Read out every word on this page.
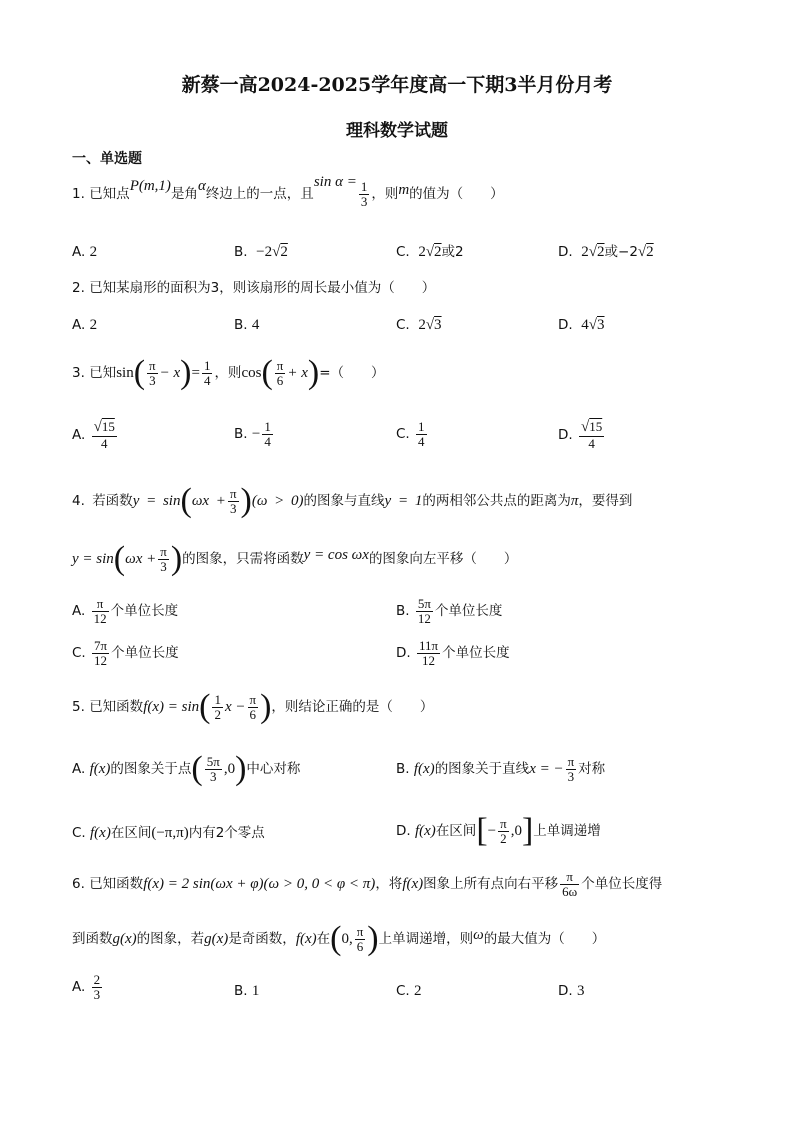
新蔡一高2024-2025学年度高一下期3半月份月考
理科数学试题
一、单选题
1. 已知点P(m,1)是角α终边上的一点，且$\sin \alpha = \frac{1}{3}$ ，则m的值为（　　）
A. 2	B. −2√2	C. 2√2或2	D. 2√2或−2√2
2. 已知某扇形的面积为3，则该扇形的周长最小值为（　　）
A. 2	B. 4	C. 2√3	D. 4√3
3. 已知$\sin( \frac{\pi}{3} - x)= \frac{1}{4}$ ，则$\cos( \frac{\pi}{6} + x)=$（　　）
A. $\frac{√15}{4}$	B. − $\frac{1}{4}$	C. $\frac{1}{4}$	D. $\frac{√15}{4}$
4. 若函数$y = \sin(\omega x + \frac{\pi}{3} )(\omega > 0)$的图象与直线y = 1的两相邻公共点的距离为π，要得到
$y = \sin(\omega x + \frac{\pi}{3}$ )的图象，只需将函数y = cos ωx的图象向左平移（　　）
A. $\frac{\pi}{12}$ 个单位长度	B. $\frac{5\pi}{12}$ 个单位长度
C. $\frac{7\pi}{12}$ 个单位长度	D. $\frac{11\pi}{12}$ 个单位长度
5. 已知函数$f(x) = \sin( \frac{1}{2}$ $x - \frac{\pi}{6}$ )，则结论正确的是（　　）
A. f(x)的图象关于点( $\frac{5\pi}{3} ,0$)中心对称	B. f(x)的图象关于直线x = − $\frac{\pi}{3}$ 对称
C. f(x)在区间(−π,π)内有2个零点	D. f(x)在区间[− $\frac{\pi}{2} ,0$]上单调递增
6. 已知函数f(x) = 2 sin(ωx + φ)(ω > 0, 0 < φ < π)，将f(x)图象上所有点向右平移 $\frac{\pi}{6\omega}$ 个单位长度得
到函数g(x)的图象，若g(x)是奇函数，f(x)在(0, $\frac{\pi}{6}$ )上单调递增，则ω的最大值为（　　）
A. $\frac{2}{3}$	B. 1	C. 2	D. 3
